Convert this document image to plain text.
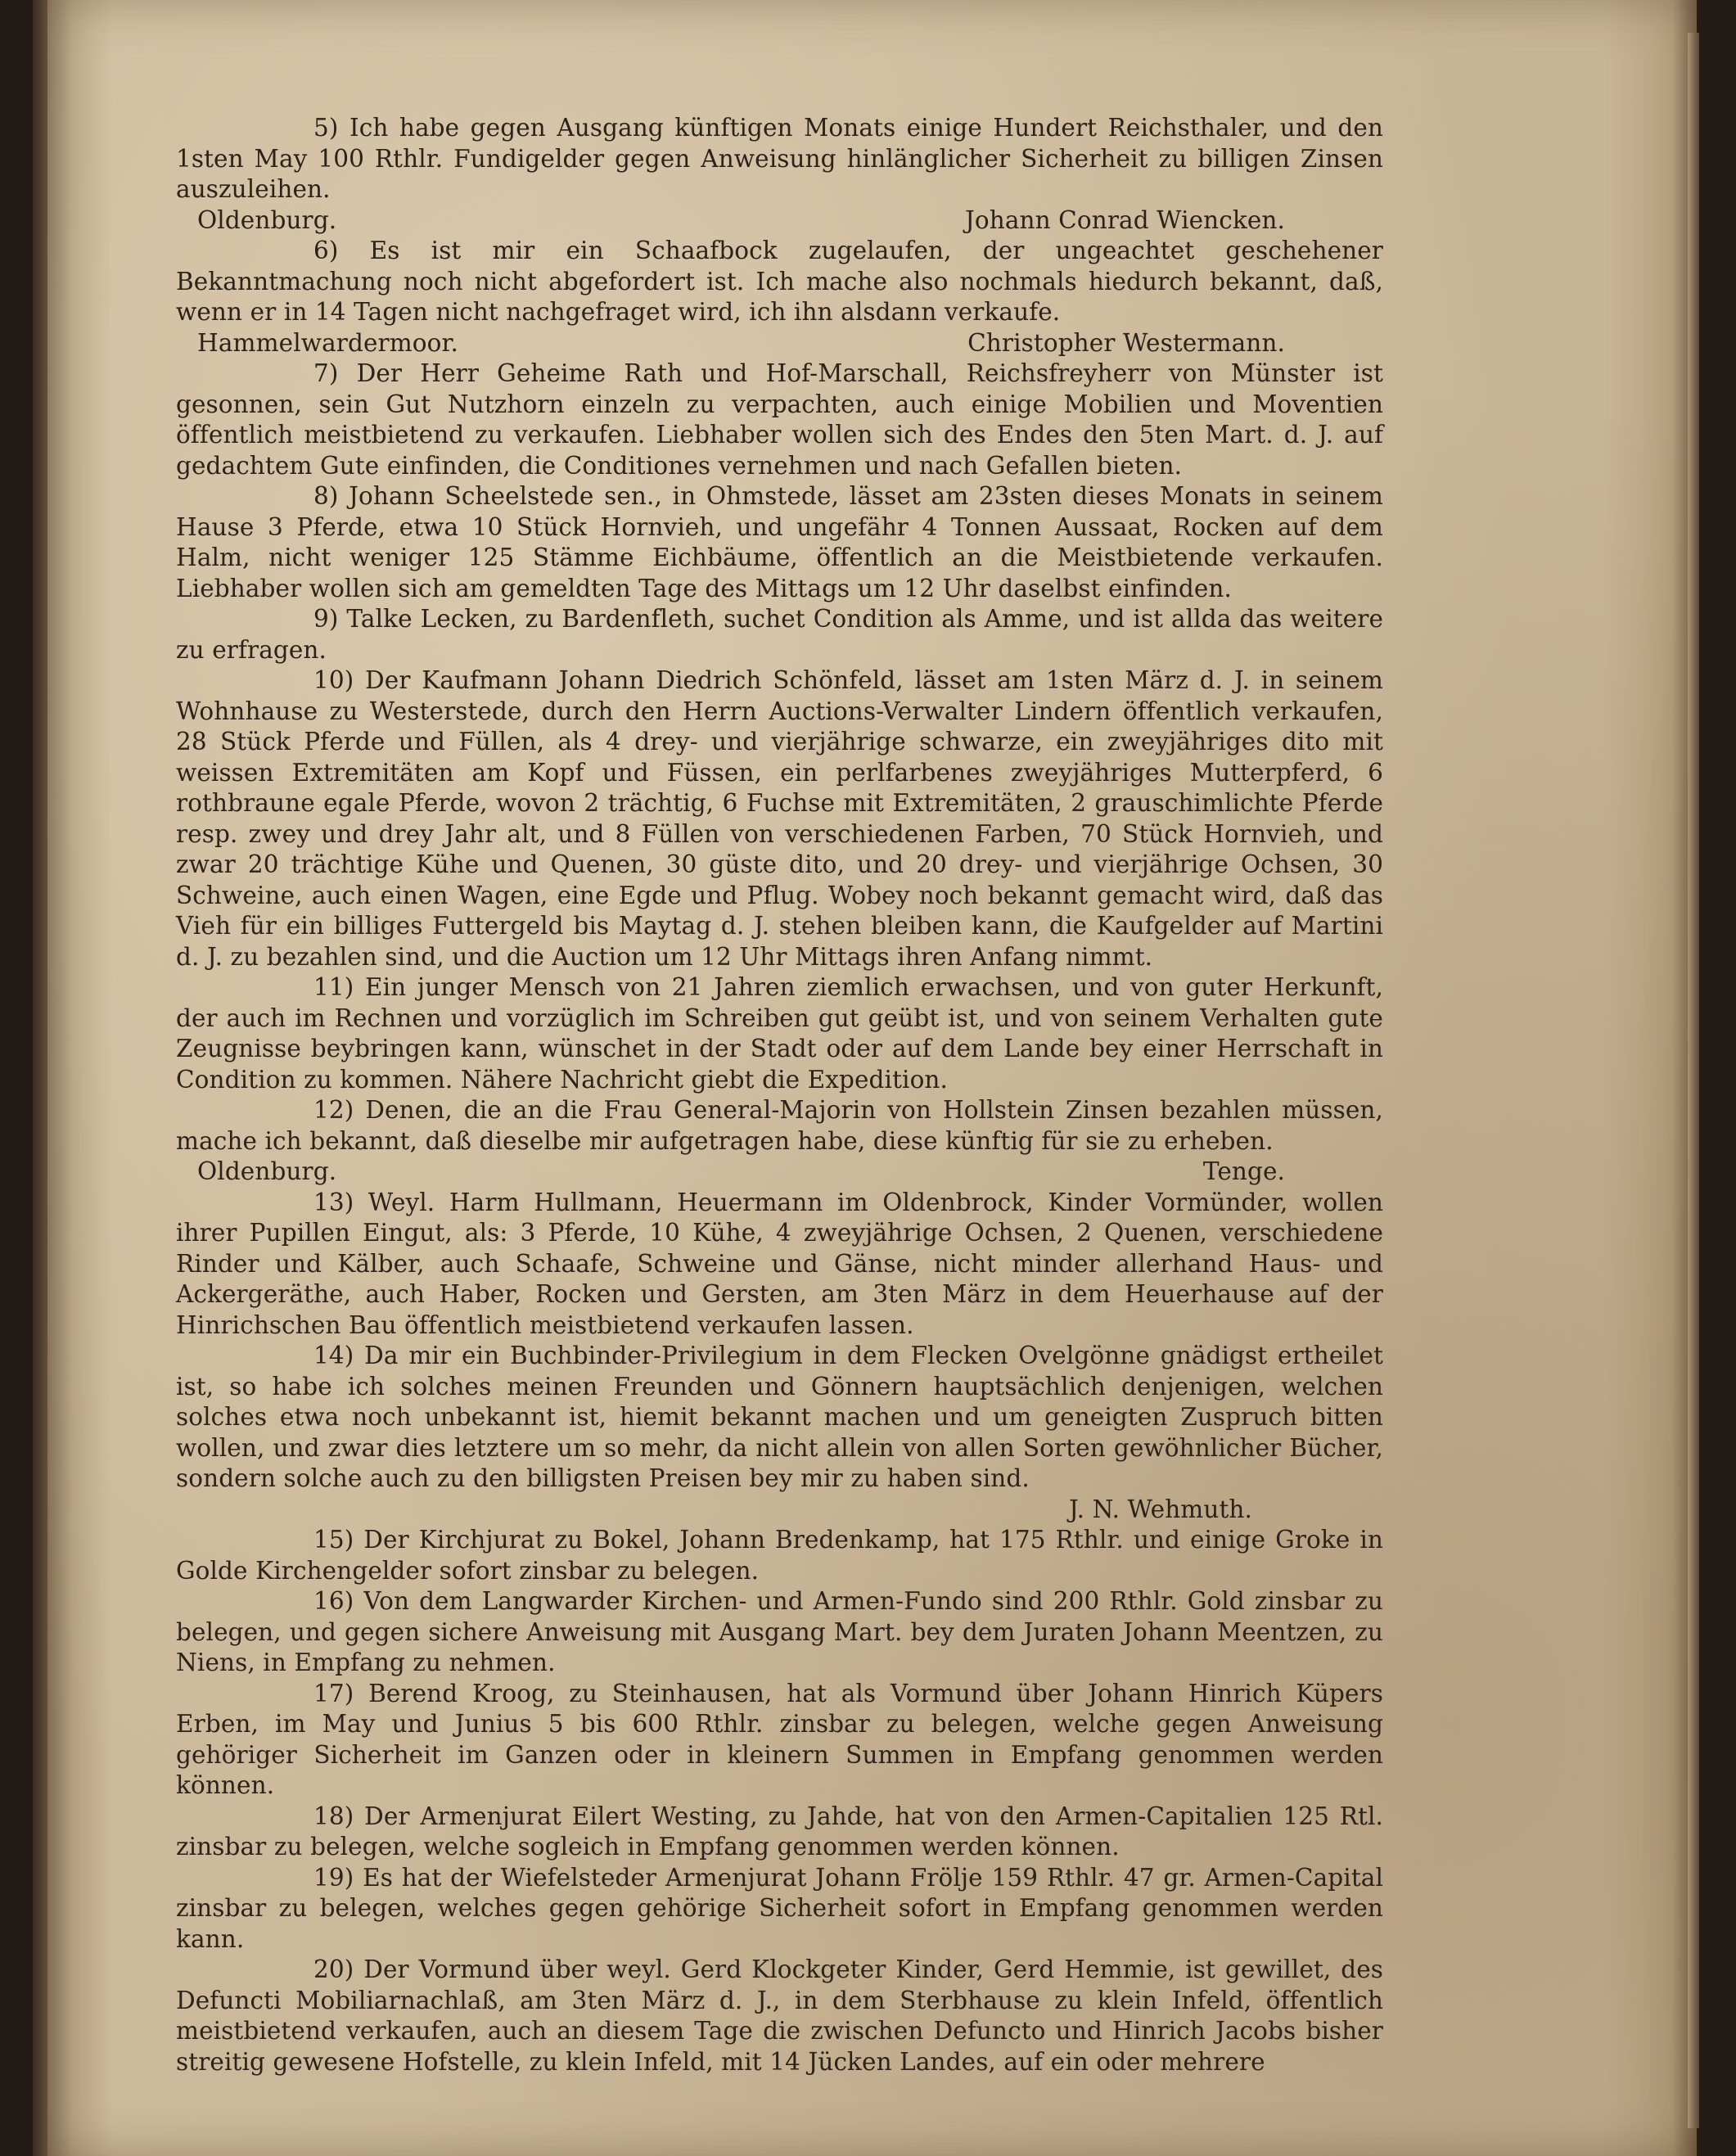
5) Ich habe gegen Ausgang künftigen Monats einige Hundert Reichsthaler, und den 1sten May 100 Rthlr. Fundigelder gegen Anweisung hinlänglicher Sicherheit zu billigen Zinsen auszuleihen.

Oldenburg.	Johann Conrad Wiencken.

6) Es ist mir ein Schaafbock zugelaufen, der ungeachtet geschehener Bekanntmachung noch nicht abgefordert ist. Ich mache also nochmals hiedurch bekannt, daß, wenn er in 14 Tagen nicht nachgefraget wird, ich ihn alsdann verkaufe.

Hammelwardermoor.	Christopher Westermann.

7) Der Herr Geheime Rath und Hof-Marschall, Reichsfreyherr von Münster ist gesonnen, sein Gut Nutzhorn einzeln zu verpachten, auch einige Mobilien und Moventien öffentlich meistbietend zu verkaufen. Liebhaber wollen sich des Endes den 5ten Mart. d. J. auf gedachtem Gute einfinden, die Conditiones vernehmen und nach Gefallen bieten.

8) Johann Scheelstede sen., in Ohmstede, lässet am 23sten dieses Monats in seinem Hause 3 Pferde, etwa 10 Stück Hornvieh, und ungefähr 4 Tonnen Aussaat, Rocken auf dem Halm, nicht weniger 125 Stämme Eichbäume, öffentlich an die Meistbietende verkaufen. Liebhaber wollen sich am gemeldten Tage des Mittags um 12 Uhr daselbst einfinden.

9) Talke Lecken, zu Bardenfleth, suchet Condition als Amme, und ist allda das weitere zu erfragen.

10) Der Kaufmann Johann Diedrich Schönfeld, lässet am 1sten März d. J. in seinem Wohnhause zu Westerstede, durch den Herrn Auctions-Verwalter Lindern öffentlich verkaufen, 28 Stück Pferde und Füllen, als 4 drey- und vierjährige schwarze, ein zweyjähriges dito mit weissen Extremitäten am Kopf und Füssen, ein perlfarbenes zweyjähriges Mutterpferd, 6 rothbraune egale Pferde, wovon 2 trächtig, 6 Fuchse mit Extremitäten, 2 grauschimlichte Pferde resp. zwey und drey Jahr alt, und 8 Füllen von verschiedenen Farben, 70 Stück Hornvieh, und zwar 20 trächtige Kühe und Quenen, 30 güste dito, und 20 drey- und vierjährige Ochsen, 30 Schweine, auch einen Wagen, eine Egde und Pflug. Wobey noch bekannt gemacht wird, daß das Vieh für ein billiges Futtergeld bis Maytag d. J. stehen bleiben kann, die Kaufgelder auf Martini d. J. zu bezahlen sind, und die Auction um 12 Uhr Mittags ihren Anfang nimmt.

11) Ein junger Mensch von 21 Jahren ziemlich erwachsen, und von guter Herkunft, der auch im Rechnen und vorzüglich im Schreiben gut geübt ist, und von seinem Verhalten gute Zeugnisse beybringen kann, wünschet in der Stadt oder auf dem Lande bey einer Herrschaft in Condition zu kommen. Nähere Nachricht giebt die Expedition.

12) Denen, die an die Frau General-Majorin von Hollstein Zinsen bezahlen müssen, mache ich bekannt, daß dieselbe mir aufgetragen habe, diese künftig für sie zu erheben.

Oldenburg.	Tenge.

13) Weyl. Harm Hullmann, Heuermann im Oldenbrock, Kinder Vormünder, wollen ihrer Pupillen Eingut, als: 3 Pferde, 10 Kühe, 4 zweyjährige Ochsen, 2 Quenen, verschiedene Rinder und Kälber, auch Schaafe, Schweine und Gänse, nicht minder allerhand Haus- und Ackergeräthe, auch Haber, Rocken und Gersten, am 3ten März in dem Heuerhause auf der Hinrichschen Bau öffentlich meistbietend verkaufen lassen.

14) Da mir ein Buchbinder-Privilegium in dem Flecken Ovelgönne gnädigst ertheilet ist, so habe ich solches meinen Freunden und Gönnern hauptsächlich denjenigen, welchen solches etwa noch unbekannt ist, hiemit bekannt machen und um geneigten Zuspruch bitten wollen, und zwar dies letztere um so mehr, da nicht allein von allen Sorten gewöhnlicher Bücher, sondern solche auch zu den billigsten Preisen bey mir zu haben sind.

J. N. Wehmuth.

15) Der Kirchjurat zu Bokel, Johann Bredenkamp, hat 175 Rthlr. und einige Groke in Golde Kirchengelder sofort zinsbar zu belegen.

16) Von dem Langwarder Kirchen- und Armen-Fundo sind 200 Rthlr. Gold zinsbar zu belegen, und gegen sichere Anweisung mit Ausgang Mart. bey dem Juraten Johann Meentzen, zu Niens, in Empfang zu nehmen.

17) Berend Kroog, zu Steinhausen, hat als Vormund über Johann Hinrich Küpers Erben, im May und Junius 5 bis 600 Rthlr. zinsbar zu belegen, welche gegen Anweisung gehöriger Sicherheit im Ganzen oder in kleinern Summen in Empfang genommen werden können.

18) Der Armenjurat Eilert Westing, zu Jahde, hat von den Armen-Capitalien 125 Rtl. zinsbar zu belegen, welche sogleich in Empfang genommen werden können.

19) Es hat der Wiefelsteder Armenjurat Johann Frölje 159 Rthlr. 47 gr. Armen-Capital zinsbar zu belegen, welches gegen gehörige Sicherheit sofort in Empfang genommen werden kann.

20) Der Vormund über weyl. Gerd Klockgeter Kinder, Gerd Hemmie, ist gewillet, des Defuncti Mobiliarnachlaß, am 3ten März d. J., in dem Sterbhause zu klein Infeld, öffentlich meistbietend verkaufen, auch an diesem Tage die zwischen Defuncto und Hinrich Jacobs bisher streitig gewesene Hofstelle, zu klein Infeld, mit 14 Jücken Landes, auf ein oder mehrere
